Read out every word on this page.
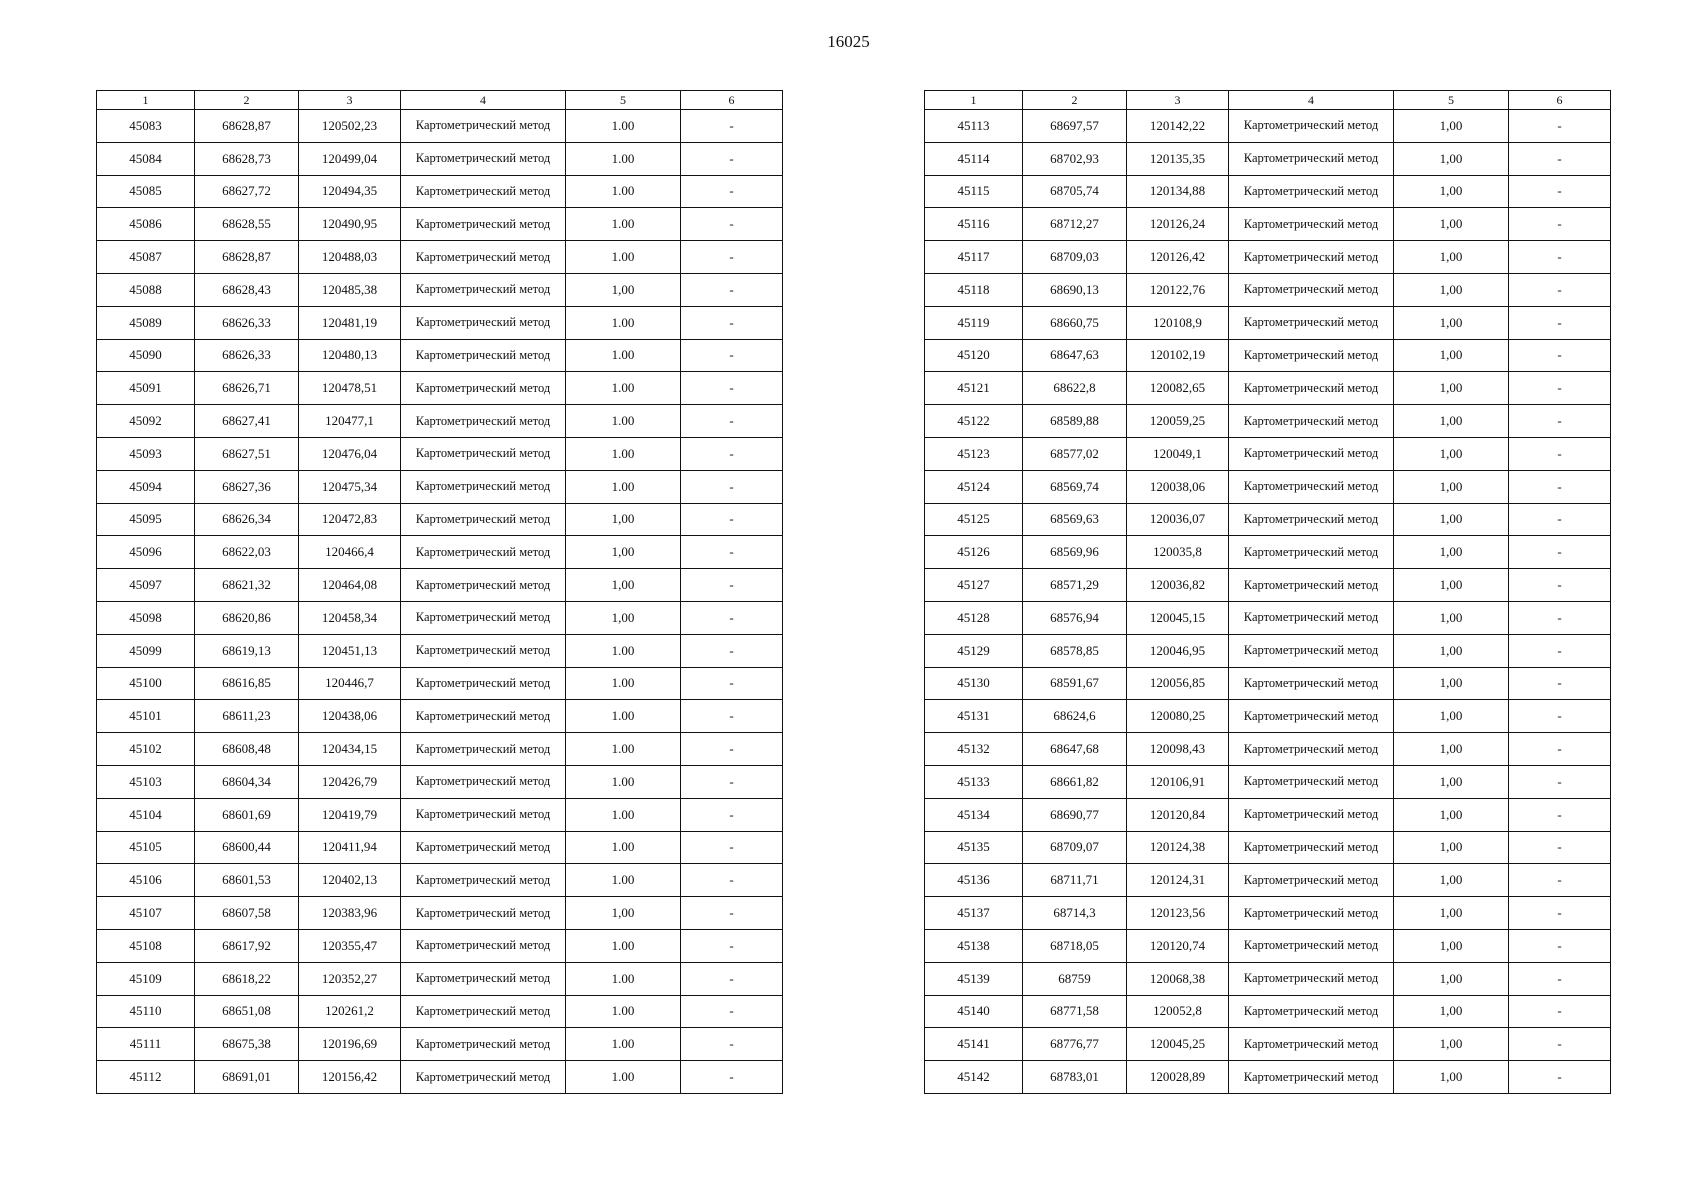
16025
1	2	3	4	5	6
45083	68628,87	120502,23	Картометрический метод	1.00	-
45084	68628,73	120499,04	Картометрический метод	1.00	-
45085	68627,72	120494,35	Картометрический метод	1.00	-
45086	68628,55	120490,95	Картометрический метод	1.00	-
45087	68628,87	120488,03	Картометрический метод	1.00	-
45088	68628,43	120485,38	Картометрический метод	1,00	-
45089	68626,33	120481,19	Картометрический метод	1.00	-
45090	68626,33	120480,13	Картометрический метод	1.00	-
45091	68626,71	120478,51	Картометрический метод	1.00	-
45092	68627,41	120477,1	Картометрический метод	1.00	-
45093	68627,51	120476,04	Картометрический метод	1.00	-
45094	68627,36	120475,34	Картометрический метод	1.00	-
45095	68626,34	120472,83	Картометрический метод	1,00	-
45096	68622,03	120466,4	Картометрический метод	1,00	-
45097	68621,32	120464,08	Картометрический метод	1,00	-
45098	68620,86	120458,34	Картометрический метод	1,00	-
45099	68619,13	120451,13	Картометрический метод	1.00	-
45100	68616,85	120446,7	Картометрический метод	1.00	-
45101	68611,23	120438,06	Картометрический метод	1.00	-
45102	68608,48	120434,15	Картометрический метод	1.00	-
45103	68604,34	120426,79	Картометрический метод	1.00	-
45104	68601,69	120419,79	Картометрический метод	1.00	-
45105	68600,44	120411,94	Картометрический метод	1.00	-
45106	68601,53	120402,13	Картометрический метод	1.00	-
45107	68607,58	120383,96	Картометрический метод	1,00	-
45108	68617,92	120355,47	Картометрический метод	1.00	-
45109	68618,22	120352,27	Картометрический метод	1.00	-
45110	68651,08	120261,2	Картометрический метод	1.00	-
45111	68675,38	120196,69	Картометрический метод	1.00	-
45112	68691,01	120156,42	Картометрический метод	1.00	-
1	2	3	4	5	6
45113	68697,57	120142,22	Картометрический метод	1,00	-
45114	68702,93	120135,35	Картометрический метод	1,00	-
45115	68705,74	120134,88	Картометрический метод	1,00	-
45116	68712,27	120126,24	Картометрический метод	1,00	-
45117	68709,03	120126,42	Картометрический метод	1,00	-
45118	68690,13	120122,76	Картометрический метод	1,00	-
45119	68660,75	120108,9	Картометрический метод	1,00	-
45120	68647,63	120102,19	Картометрический метод	1,00	-
45121	68622,8	120082,65	Картометрический метод	1,00	-
45122	68589,88	120059,25	Картометрический метод	1,00	-
45123	68577,02	120049,1	Картометрический метод	1,00	-
45124	68569,74	120038,06	Картометрический метод	1,00	-
45125	68569,63	120036,07	Картометрический метод	1,00	-
45126	68569,96	120035,8	Картометрический метод	1,00	-
45127	68571,29	120036,82	Картометрический метод	1,00	-
45128	68576,94	120045,15	Картометрический метод	1,00	-
45129	68578,85	120046,95	Картометрический метод	1,00	-
45130	68591,67	120056,85	Картометрический метод	1,00	-
45131	68624,6	120080,25	Картометрический метод	1,00	-
45132	68647,68	120098,43	Картометрический метод	1,00	-
45133	68661,82	120106,91	Картометрический метод	1,00	-
45134	68690,77	120120,84	Картометрический метод	1,00	-
45135	68709,07	120124,38	Картометрический метод	1,00	-
45136	68711,71	120124,31	Картометрический метод	1,00	-
45137	68714,3	120123,56	Картометрический метод	1,00	-
45138	68718,05	120120,74	Картометрический метод	1,00	-
45139	68759	120068,38	Картометрический метод	1,00	-
45140	68771,58	120052,8	Картометрический метод	1,00	-
45141	68776,77	120045,25	Картометрический метод	1,00	-
45142	68783,01	120028,89	Картометрический метод	1,00	-
